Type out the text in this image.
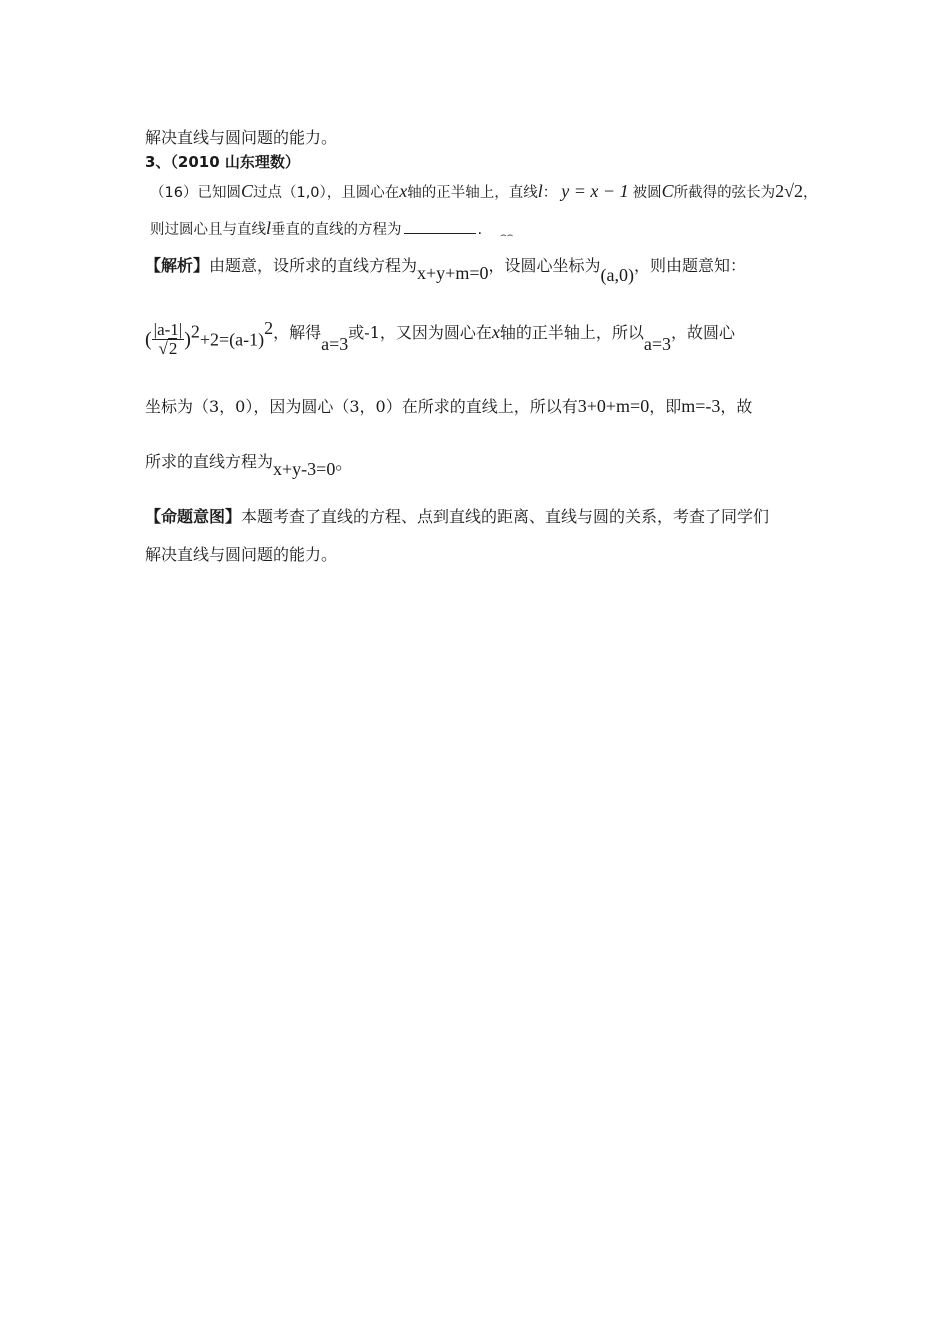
解决直线与圆问题的能力。
3、（2010 山东理数）
（16）已知圆C过点（1,0），且圆心在x轴的正半轴上，直线l： y = x − 1 被圆C所截得的弦长为2√2，
则过圆心且与直线l垂直的直线的方程为	. ⌢⌢
【解析】由题意，设所求的直线方程为x+y+m=0，设圆心坐标为(a,0)，则由题意知：
( $\frac{|a-1|}{√2} )^2+2=(a-1)^2$，解得a=3或-1，又因为圆心在x轴的正半轴上，所以a=3，故圆心
坐标为（3，0），因为圆心（3，0）在所求的直线上，所以有3+0+m=0，即m=-3，故
所求的直线方程为x+y-3=0。
【命题意图】本题考查了直线的方程、点到直线的距离、直线与圆的关系，考查了同学们
解决直线与圆问题的能力。
